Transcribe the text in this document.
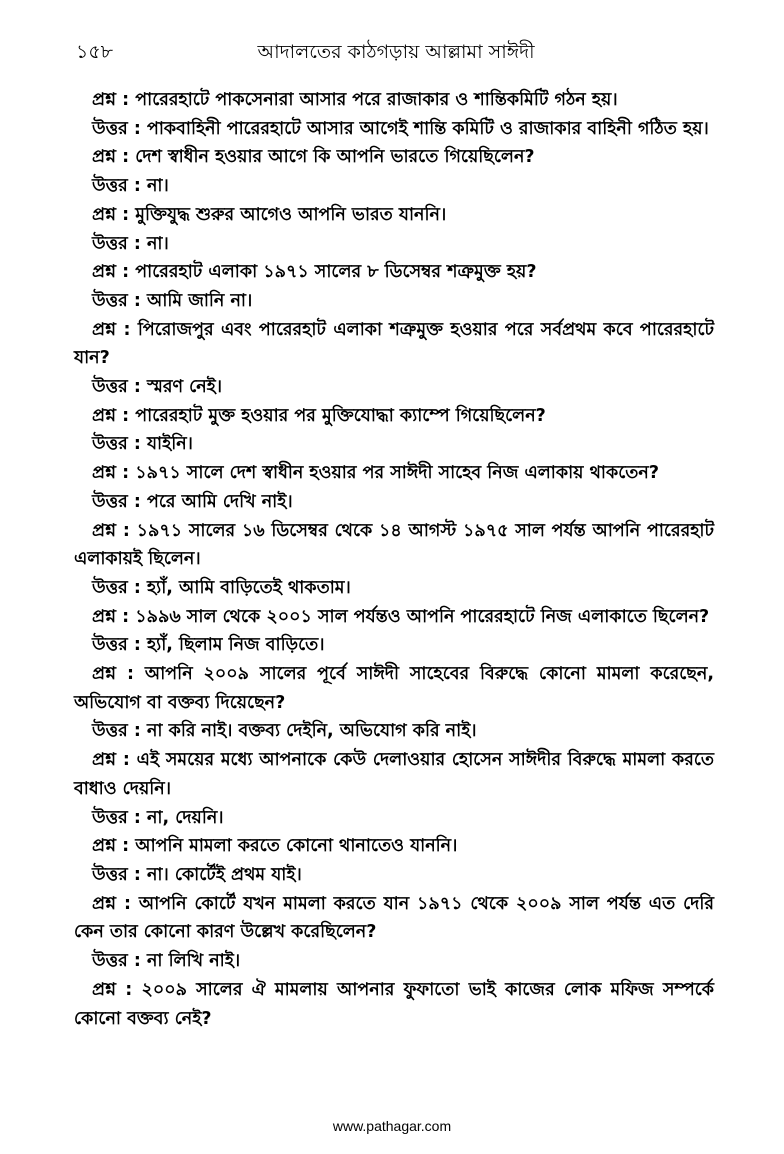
১৫৮	আদালতের কাঠগড়ায় আল্লামা সাঈদী

প্রশ্ন : পারেরহাটে পাকসেনারা আসার পরে রাজাকার ও শান্তিকমিটি গঠন হয়।

উত্তর : পাকবাহিনী পারেরহাটে আসার আগেই শান্তি কমিটি ও রাজাকার বাহিনী গঠিত হয়।

প্রশ্ন : দেশ স্বাধীন হওয়ার আগে কি আপনি ভারতে গিয়েছিলেন?

উত্তর : না।

প্রশ্ন : মুক্তিযুদ্ধ শুরুর আগেও আপনি ভারত যাননি।

উত্তর : না।

প্রশ্ন : পারেরহাট এলাকা ১৯৭১ সালের ৮ ডিসেম্বর শত্রুমুক্ত হয়?

উত্তর : আমি জানি না।

প্রশ্ন : পিরোজপুর এবং পারেরহাট এলাকা শত্রুমুক্ত হওয়ার পরে সর্বপ্রথম কবে পারেরহাটে যান?

উত্তর : স্মরণ নেই।

প্রশ্ন : পারেরহাট মুক্ত হওয়ার পর মুক্তিযোদ্ধা ক্যাম্পে গিয়েছিলেন?

উত্তর : যাইনি।

প্রশ্ন : ১৯৭১ সালে দেশ স্বাধীন হওয়ার পর সাঈদী সাহেব নিজ এলাকায় থাকতেন?

উত্তর : পরে আমি দেখি নাই।

প্রশ্ন : ১৯৭১ সালের ১৬ ডিসেম্বর থেকে ১৪ আগস্ট ১৯৭৫ সাল পর্যন্ত আপনি পারেরহাট এলাকায়ই ছিলেন।

উত্তর : হ্যাঁ, আমি বাড়িতেই থাকতাম।

প্রশ্ন : ১৯৯৬ সাল থেকে ২০০১ সাল পর্যন্তও আপনি পারেরহাটে নিজ এলাকাতে ছিলেন?

উত্তর : হ্যাঁ, ছিলাম নিজ বাড়িতে।

প্রশ্ন : আপনি ২০০৯ সালের পূর্বে সাঈদী সাহেবের বিরুদ্ধে কোনো মামলা করেছেন, অভিযোগ বা বক্তব্য দিয়েছেন?

উত্তর : না করি নাই। বক্তব্য দেইনি, অভিযোগ করি নাই।

প্রশ্ন : এই সময়ের মধ্যে আপনাকে কেউ দেলাওয়ার হোসেন সাঈদীর বিরুদ্ধে মামলা করতে বাধাও দেয়নি।

উত্তর : না, দেয়নি।

প্রশ্ন : আপনি মামলা করতে কোনো থানাতেও যাননি।

উত্তর : না। কোর্টেই প্রথম যাই।

প্রশ্ন : আপনি কোর্টে যখন মামলা করতে যান ১৯৭১ থেকে ২০০৯ সাল পর্যন্ত এত দেরি কেন তার কোনো কারণ উল্লেখ করেছিলেন?

উত্তর : না লিখি নাই।

প্রশ্ন : ২০০৯ সালের ঐ মামলায় আপনার ফুফাতো ভাই কাজের লোক মফিজ সম্পর্কে কোনো বক্তব্য নেই?

www.pathagar.com
